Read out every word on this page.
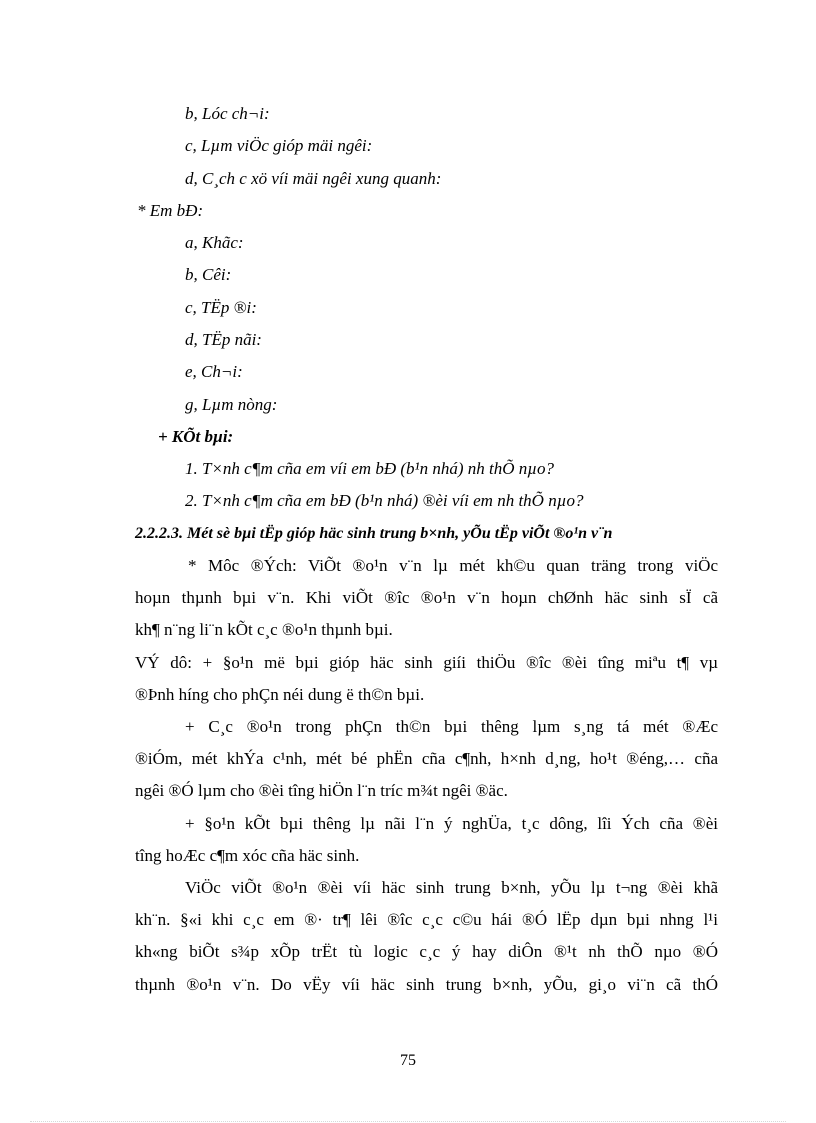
b, Lóc ch¬i:
c, Lµm viÖc gióp mäi ngêi:
d, C¸ch c xö víi mäi ngêi xung quanh:
* Em bÐ:
a, Khãc:
b, Cêi:
c, TËp ®i:
d, TËp nãi:
e, Ch¬i:
g, Lµm nòng:
+ KÕt bµi:
1. T×nh c¶m cña em víi em bÐ (b¹n nhá) nh thÕ nµo?
2. T×nh c¶m cña em bÐ (b¹n nhá) ®èi víi em nh thÕ nµo?
2.2.2.3. Mét sè bµi tËp gióp häc sinh trung b×nh, yÕu tËp viÕt ®o¹n v¨n
* Môc ®Ých: ViÕt ®o¹n v¨n lµ mét kh©u quan träng trong viÖc
hoµn thµnh bµi v¨n. Khi viÕt ®îc ®o¹n v¨n hoµn chØnh häc sinh sÏ cã
kh¶ n¨ng li¨n kÕt c¸c ®o¹n thµnh bµi.
VÝ dô: + §o¹n më bµi gióp häc sinh giíi thiÖu ®îc ®èi tîng miªu t¶ vµ
®Þnh híng cho phÇn néi dung ë th©n bµi.
+ C¸c ®o¹n trong phÇn th©n bµi thêng lµm s¸ng tá mét ®Æc
®iÓm, mét khÝa c¹nh, mét bé phËn cña c¶nh, h×nh d¸ng, ho¹t ®éng,… cña
ngêi ®Ó lµm cho ®èi tîng hiÖn l¨n tríc m¾t ngêi ®äc.
+ §o¹n kÕt bµi thêng lµ nãi l¨n ý nghÜa, t¸c dông, lîi Ých cña ®èi
tîng hoÆc c¶m xóc cña häc sinh.
ViÖc viÕt ®o¹n ®èi víi häc sinh trung b×nh, yÕu lµ t¬ng ®èi khã
kh¨n. §«i khi c¸c em ®· tr¶ lêi ®îc c¸c c©u hái ®Ó lËp dµn bµi nhng l¹i
kh«ng biÕt s¾p xÕp trËt tù logic c¸c ý hay diÔn ®¹t nh thÕ nµo ®Ó
thµnh ®o¹n v¨n. Do vËy víi häc sinh trung b×nh, yÕu, gi¸o vi¨n cã thÓ
75
